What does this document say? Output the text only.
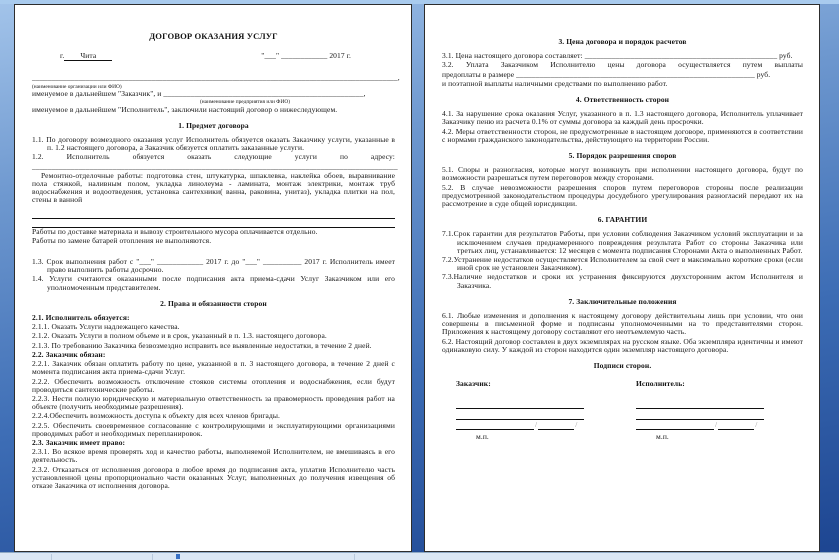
ДОГОВОР ОКАЗАНИЯ УСЛУГ
г. Чита	"___" ____________ 2017 г.
_______________________________________________________________________________________________,
(наименование организации или ФИО)
именуемое в дальнейшем "Заказчик", и ____________________________________________________,
(наименование предприятия или ФИО)
именуемое в дальнейшем "Исполнитель", заключили настоящий договор о нижеследующем.
1. Предмет договора
1.1. По договору возмездного оказания услуг Исполнитель обязуется оказать Заказчику услуги, указанные в п. 1.2 настоящего договора, а Заказчик обязуется оплатить заказанные услуги.
1.2. Исполнитель обязуется оказать следующие услуги по адресу:
_______________________________________________________________________________________________
Ремонтно-отделочные работы: подготовка стен, штукатурка, шпаклевка, наклейка обоев, выравнивание пола стяжкой, наливным полом, укладка линолеума - ламината, монтаж электрики, монтаж труб водоснабжения и водоотведения, установка сантехники( ванна, раковина, унитаз), укладка плитки на пол, стены в ванной
Работы по доставке материала и вывозу строительного мусора оплачивается отдельно.
Работы по замене батарей отопления не выполняются.
1.3. Срок выполнения работ с "___" ____________ 2017 г. до "___" __________ 2017 г. Исполнитель имеет право выполнить работы досрочно.
1.4. Услуги считаются оказанными после подписания акта приема-сдачи Услуг Заказчиком или его уполномоченным представителем.
2. Права и обязанности сторон
2.1. Исполнитель обязуется:
2.1.1. Оказать Услуги надлежащего качества.
2.1.2. Оказать Услуги в полном объеме и в срок, указанный в п. 1.3. настоящего договора.
2.1.3. По требованию Заказчика безвозмездно исправить все выявленные недостатки, в течение 2 дней.
2.2. Заказчик обязан:
2.2.1. Заказчик обязан оплатить работу по цене, указанной в п. 3 настоящего договора, в течение 2 дней с момента подписания акта приема-сдачи Услуг.
2.2.2. Обеспечить возможность отключение стояков системы отопления и водоснабжения, если будут проводиться сантехнические работы.
2.2.3. Нести полную юридическую и материальную ответственность за правомерность проведения работ на объекте (получить необходимые разрешения).
2.2.4.Обеспечить возможность доступа к объекту для всех членов бригады.
2.2.5. Обеспечить своевременное согласование с контролирующими и эксплуатирующими организациями проводимых работ и необходимых перепланировок.
2.3. Заказчик имеет право:
2.3.1. Во всякое время проверять ход и качество работы, выполняемой Исполнителем, не вмешиваясь в его деятельность.
2.3.2. Отказаться от исполнения договора в любое время до подписания акта, уплатив Исполнителю часть установленной цены пропорционально части оказанных Услуг, выполненных до получения извещения об отказе Заказчика от исполнения договора.
3. Цена договора и порядок расчетов
3.1. Цена настоящего договора составляет: __________________________________________________ руб.
3.2. Уплата Заказчиком Исполнителю цены договора осуществляется путем выплаты
предоплаты в размере ______________________________________________________________ руб.
и поэтапной выплаты наличными средствами по выполнению работ.
4. Ответственность сторон
4.1. За нарушение срока оказания Услуг, указанного в п. 1.3 настоящего договора, Исполнитель уплачивает Заказчику пеню из расчета 0.1% от суммы договора за каждый день просрочки.
4.2. Меры ответственности сторон, не предусмотренные в настоящем договоре, применяются в соответствии с нормами гражданского законодательства, действующего на территории России.
5. Порядок разрешения споров
5.1. Споры и разногласия, которые могут возникнуть при исполнении настоящего договора, будут по возможности разрешаться путем переговоров между сторонами.
5.2. В случае невозможности разрешения споров путем переговоров стороны после реализации предусмотренной законодательством процедуры досудебного урегулирования разногласий передают их на рассмотрение в суде общей юрисдикции.
6. ГАРАНТИИ
7.1.Срок гарантии для результатов Работы, при условии соблюдения Заказчиком условий эксплуатации и за исключением случаев преднамеренного повреждения результата Работ со стороны Заказчика или третьих лиц, устанавливается: 12 месяцев с момента подписания Сторонами Акта о выполненных Работ.
7.2.Устранение недостатков осуществляется Исполнителем за свой счет в максимально короткие сроки (если иной срок не установлен Заказчиком).
7.3.Наличие недостатков и сроки их устранения фиксируются двухсторонним актом Исполнителя и Заказчика.
7. Заключительные положения
6.1. Любые изменения и дополнения к настоящему договору действительны лишь при условии, что они совершены в письменной форме и подписаны уполномоченными на то представителями сторон. Приложения к настоящему договору составляют его неотъемлемую часть.
6.2. Настоящий договор составлен в двух экземплярах на русском языке. Оба экземпляра идентичны и имеют одинаковую силу. У каждой из сторон находится один экземпляр настоящего договора.
Подписи сторон.
Заказчик:
/	/
м.п.
Исполнитель:
/	/
м.п.
